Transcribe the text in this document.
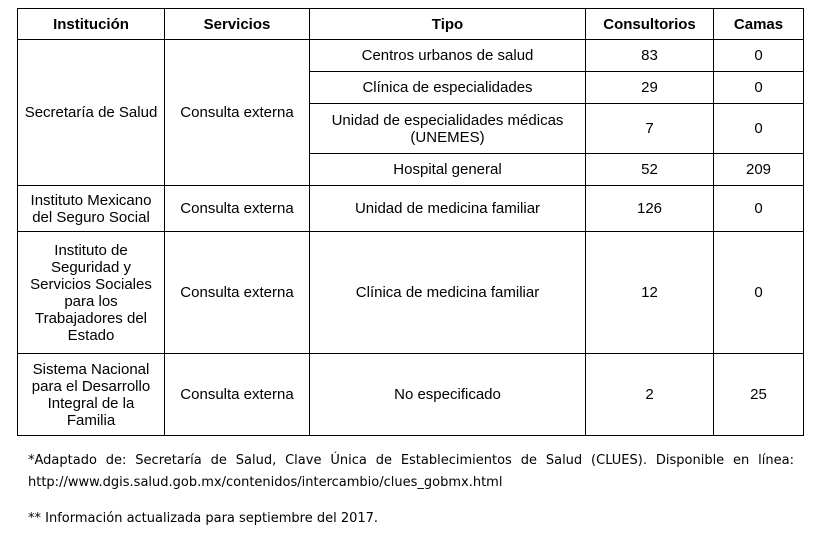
Institución	Servicios	Tipo	Consultorios	Camas
Secretaría de Salud	Consulta externa	Centros urbanos de salud	83	0
		Clínica de especialidades	29	0
		Unidad de especialidades médicas (UNEMES)	7	0
		Hospital general	52	209
Instituto Mexicano del Seguro Social	Consulta externa	Unidad de medicina familiar	126	0
Instituto de Seguridad y Servicios Sociales para los Trabajadores del Estado	Consulta externa	Clínica de medicina familiar	12	0
Sistema Nacional para el Desarrollo Integral de la Familia	Consulta externa	No especificado	2	25
*Adaptado de: Secretaría de Salud, Clave Única de Establecimientos de Salud (CLUES). Disponible en línea: http://www.dgis.salud.gob.mx/contenidos/intercambio/clues_gobmx.html
** Información actualizada para septiembre del 2017.
